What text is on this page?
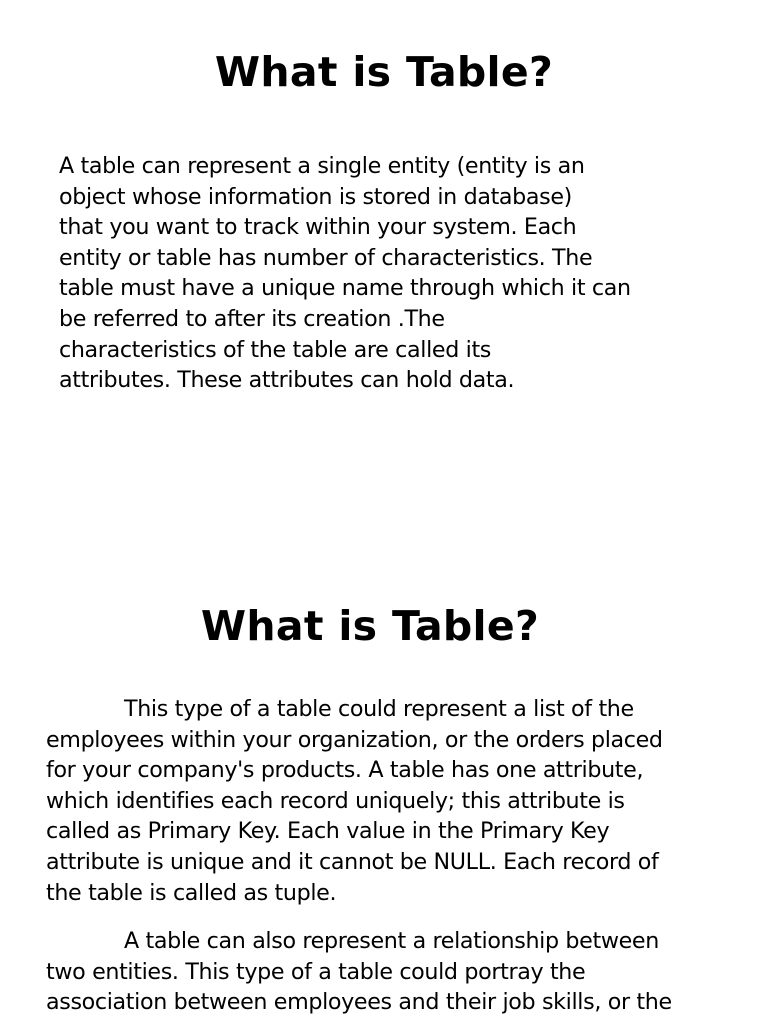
What is Table?

A table can represent a single entity (entity is an
object whose information is stored in database)
that you want to track within your system. Each
entity or table has number of characteristics. The
table must have a unique name through which it can
be referred to after its creation .The
characteristics of the table are called its
attributes. These attributes can hold data.

What is Table?

This type of a table could represent a list of the
employees within your organization, or the orders placed
for your company's products. A table has one attribute,
which identifies each record uniquely; this attribute is
called as Primary Key. Each value in the Primary Key
attribute is unique and it cannot be NULL. Each record of
the table is called as tuple.

A table can also represent a relationship between
two entities. This type of a table could portray the
association between employees and their job skills, or the
